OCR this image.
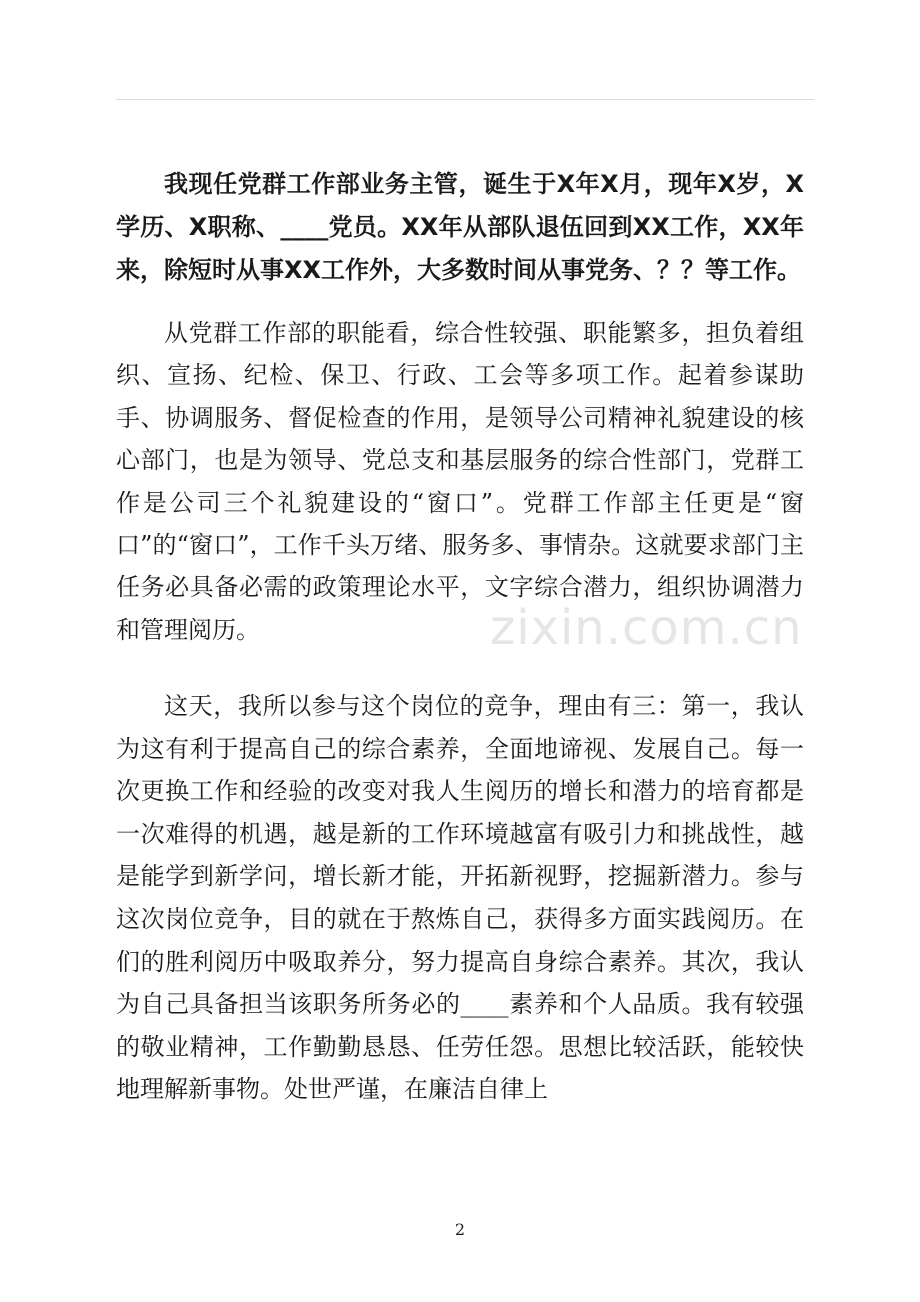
我现任党群工作部业务主管，诞生于X年X月，现年X岁，X学历、X职称、____党员。XX年从部队退伍回到XX工作，XX年来，除短时从事XX工作外，大多数时间从事党务、？？等工作。

从党群工作部的职能看，综合性较强、职能繁多，担负着组织、宣扬、纪检、保卫、行政、工会等多项工作。起着参谋助手、协调服务、督促检查的作用，是领导公司精神礼貌建设的核心部门，也是为领导、党总支和基层服务的综合性部门，党群工作是公司三个礼貌建设的“窗口”。党群工作部主任更是“窗口”的“窗口”，工作千头万绪、服务多、事情杂。这就要求部门主任务必具备必需的政策理论水平，文字综合潜力，组织协调潜力和管理阅历。

这天，我所以参与这个岗位的竞争，理由有三：第一，我认为这有利于提高自己的综合素养，全面地谛视、发展自己。每一次更换工作和经验的改变对我人生阅历的增长和潜力的培育都是一次难得的机遇，越是新的工作环境越富有吸引力和挑战性，越是能学到新学问，增长新才能，开拓新视野，挖掘新潜力。参与这次岗位竞争，目的就在于熬炼自己，获得多方面实践阅历。在们的胜利阅历中吸取养分，努力提高自身综合素养。其次，我认为自己具备担当该职务所务必的____素养和个人品质。我有较强的敬业精神，工作勤勤恳恳、任劳任怨。思想比较活跃，能较快地理解新事物。处世严谨，在廉洁自律上

zixin.com.cn
2
